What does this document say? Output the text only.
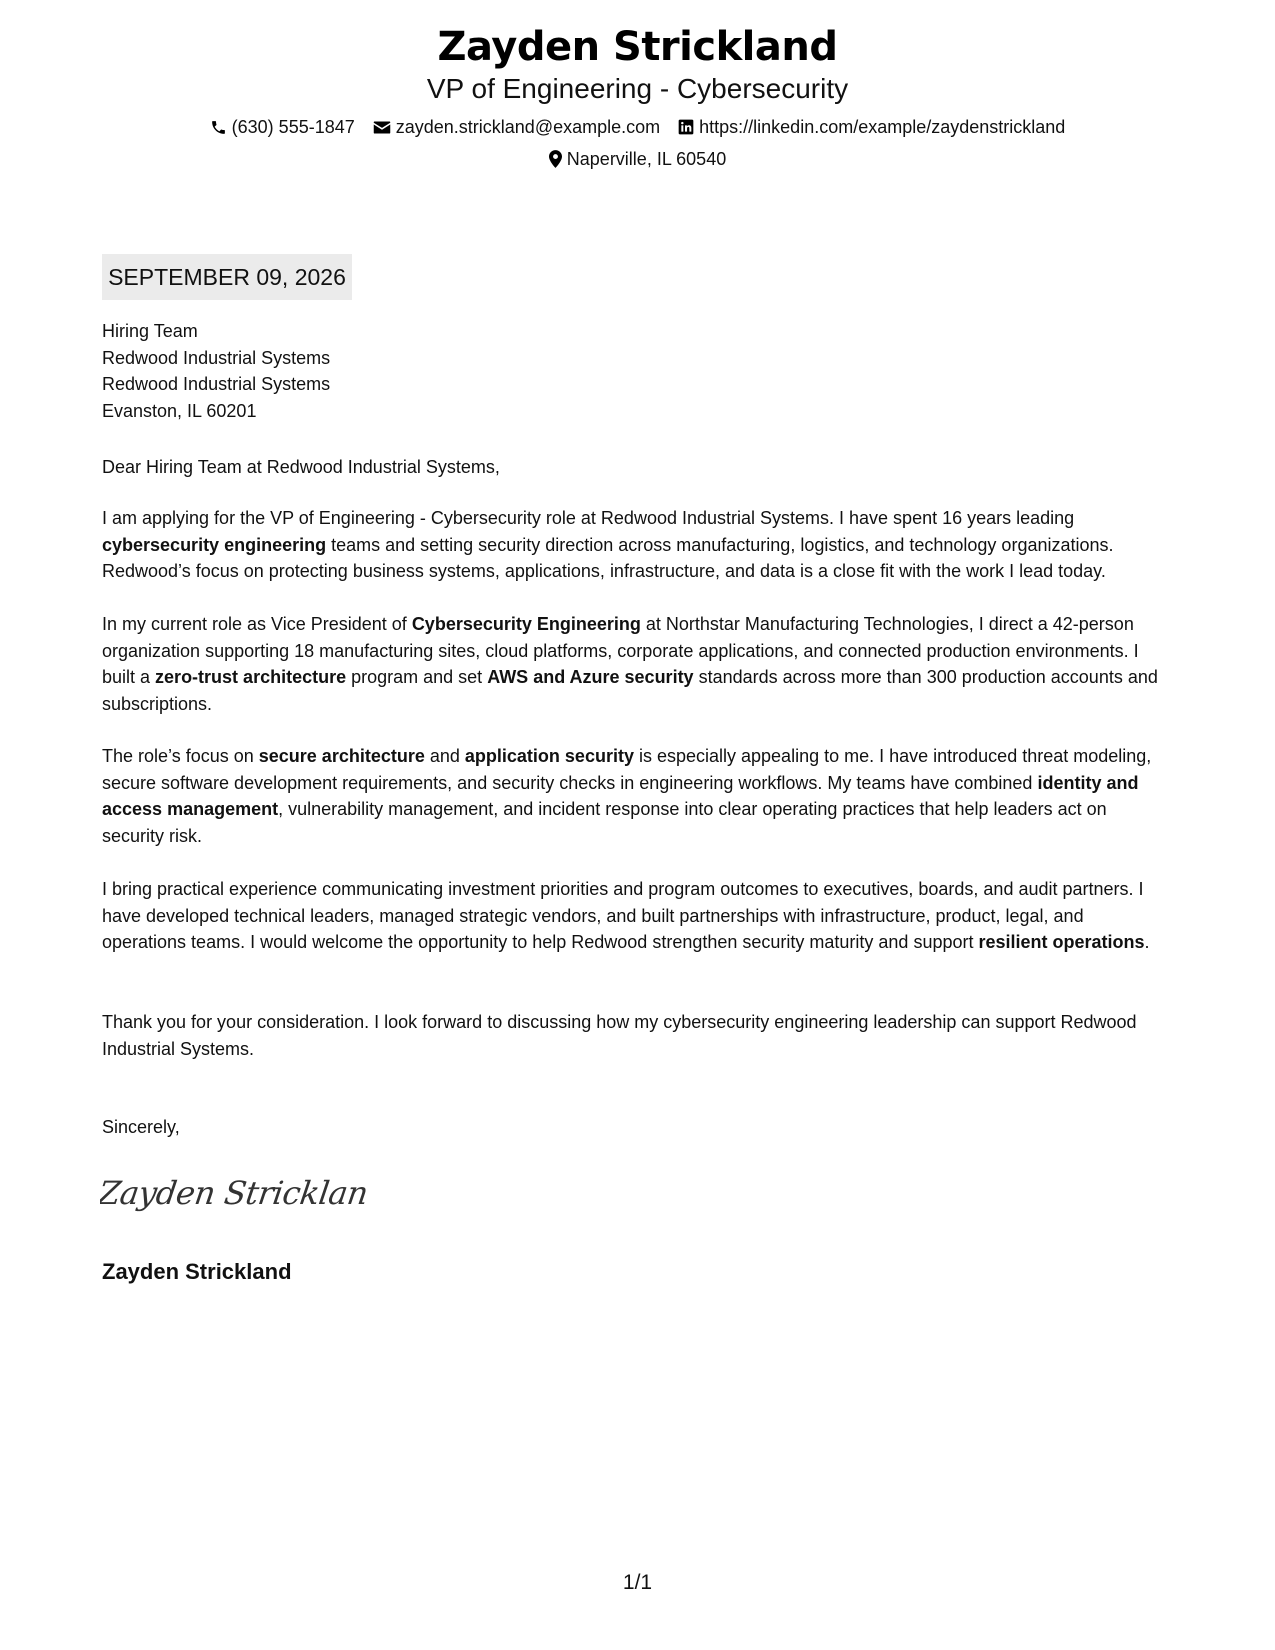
Zayden Strickland
VP of Engineering - Cybersecurity
(630) 555-1847 zayden.strickland@example.com https://linkedin.com/example/zaydenstrickland
Naperville, IL 60540
SEPTEMBER 09, 2026
Hiring Team
Redwood Industrial Systems
Redwood Industrial Systems
Evanston, IL 60201
Dear Hiring Team at Redwood Industrial Systems,

I am applying for the VP of Engineering - Cybersecurity role at Redwood Industrial Systems. I have spent 16 years leading cybersecurity engineering teams and setting security direction across manufacturing, logistics, and technology organizations. Redwood’s focus on protecting business systems, applications, infrastructure, and data is a close fit with the work I lead today.

In my current role as Vice President of Cybersecurity Engineering at Northstar Manufacturing Technologies, I direct a 42-person organization supporting 18 manufacturing sites, cloud platforms, corporate applications, and connected production environments. I built a zero-trust architecture program and set AWS and Azure security standards across more than 300 production accounts and subscriptions.

The role’s focus on secure architecture and application security is especially appealing to me. I have introduced threat modeling, secure software development requirements, and security checks in engineering workflows. My teams have combined identity and access management, vulnerability management, and incident response into clear operating practices that help leaders act on security risk.

I bring practical experience communicating investment priorities and program outcomes to executives, boards, and audit partners. I have developed technical leaders, managed strategic vendors, and built partnerships with infrastructure, product, legal, and operations teams. I would welcome the opportunity to help Redwood strengthen security maturity and support resilient operations.

Thank you for your consideration. I look forward to discussing how my cybersecurity engineering leadership can support Redwood Industrial Systems.

Sincerely,
Zayden Stricklan
Zayden Strickland
1/1
